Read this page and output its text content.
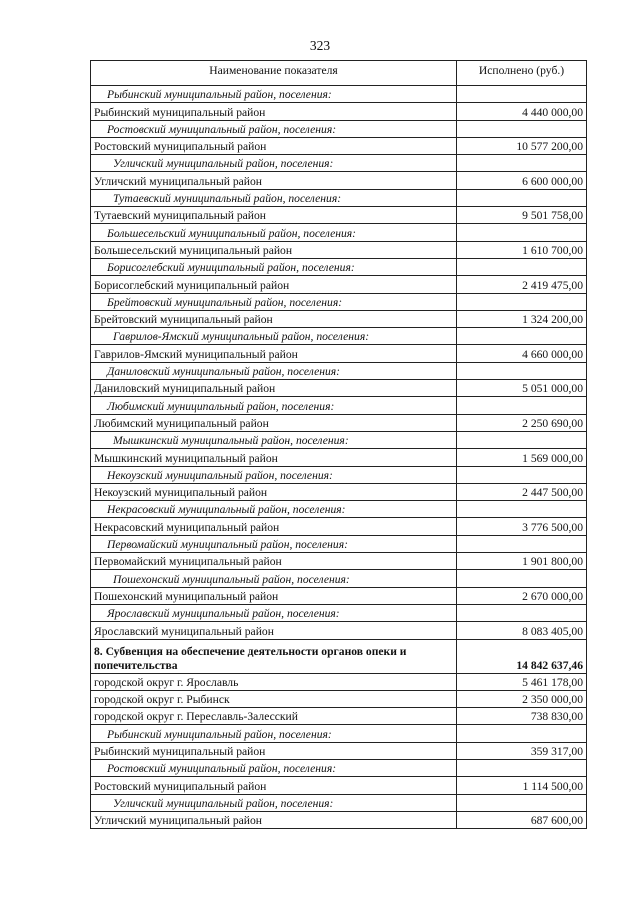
323
Наименование показателя	Исполнено (руб.)
Рыбинский муниципальный район, поселения:	
Рыбинский муниципальный район	4 440 000,00
Ростовский муниципальный район, поселения:	
Ростовский муниципальный район	10 577 200,00
Угличский муниципальный район, поселения:	
Угличский муниципальный район	6 600 000,00
Тутаевский муниципальный район, поселения:	
Тутаевский муниципальный район	9 501 758,00
Большесельский муниципальный район, поселения:	
Большесельский муниципальный район	1 610 700,00
Борисоглебский муниципальный район, поселения:	
Борисоглебский муниципальный район	2 419 475,00
Брейтовский муниципальный район, поселения:	
Брейтовский муниципальный район	1 324 200,00
Гаврилов-Ямский муниципальный район, поселения:	
Гаврилов-Ямский муниципальный район	4 660 000,00
Даниловский муниципальный район, поселения:	
Даниловский муниципальный район	5 051 000,00
Любимский муниципальный район, поселения:	
Любимский муниципальный район	2 250 690,00
Мышкинский муниципальный район, поселения:	
Мышкинский муниципальный район	1 569 000,00
Некоузский муниципальный район, поселения:	
Некоузский муниципальный район	2 447 500,00
Некрасовский муниципальный район, поселения:	
Некрасовский муниципальный район	3 776 500,00
Первомайский муниципальный район, поселения:	
Первомайский муниципальный район	1 901 800,00
Пошехонский муниципальный район, поселения:	
Пошехонский муниципальный район	2 670 000,00
Ярославский муниципальный район, поселения:	
Ярославский муниципальный район	8 083 405,00
8. Субвенция на обеспечение деятельности органов опеки и попечительства	14 842 637,46
городской округ г. Ярославль	5 461 178,00
городской округ г. Рыбинск	2 350 000,00
городской округ г. Переславль-Залесский	738 830,00
Рыбинский муниципальный район, поселения:	
Рыбинский муниципальный район	359 317,00
Ростовский муниципальный район, поселения:	
Ростовский муниципальный район	1 114 500,00
Угличский муниципальный район, поселения:	
Угличский муниципальный район	687 600,00
